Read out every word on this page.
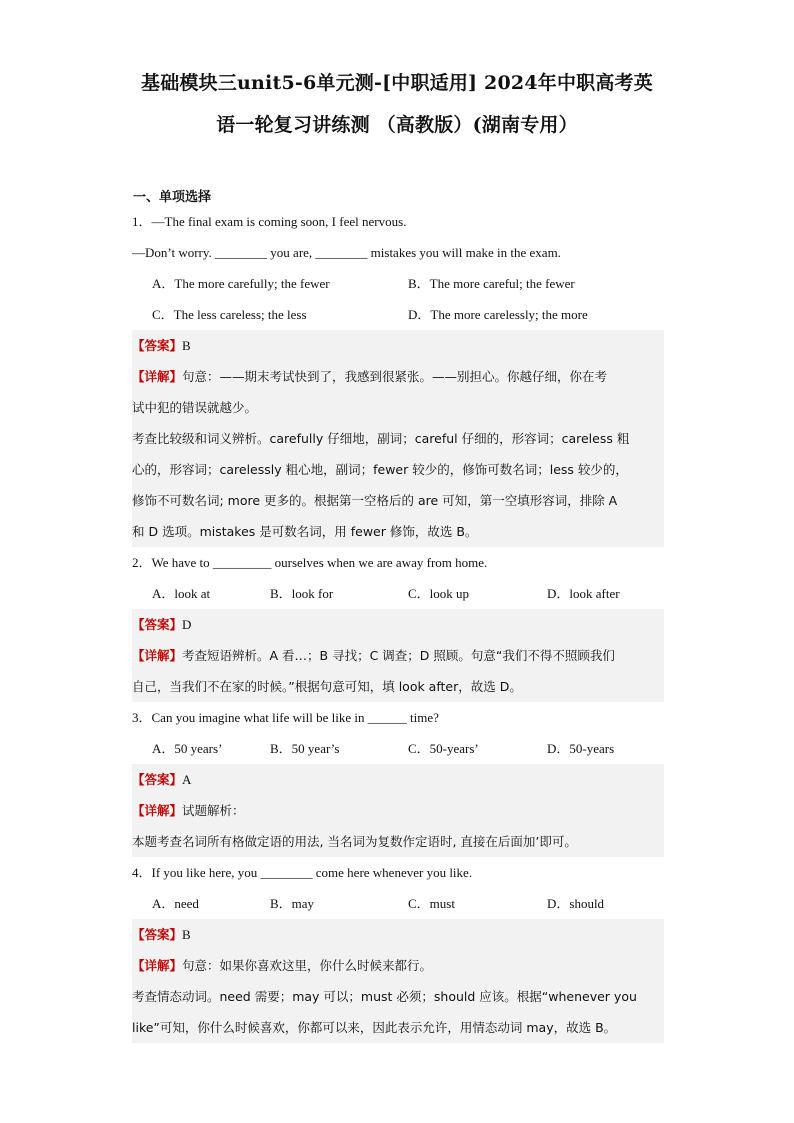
基础模块三unit5-6单元测-[中职适用] 2024年中职高考英
语一轮复习讲练测 （高教版）(湖南专用）
一、单项选择
1．—The final exam is coming soon, I feel nervous.
—Don’t worry. ________ you are, ________ mistakes you will make in the exam.
A．The more carefully; the fewer	B．The more careful; the fewer
C．The less careless; the less	D．The more carelessly; the more
【答案】B
【详解】句意：——期末考试快到了，我感到很紧张。——别担心。你越仔细，你在考
试中犯的错误就越少。
考查比较级和词义辨析。carefully 仔细地，副词；careful 仔细的，形容词；careless 粗
心的，形容词；carelessly 粗心地，副词；fewer 较少的，修饰可数名词；less 较少的，
修饰不可数名词; more 更多的。根据第一空格后的 are 可知，第一空填形容词，排除 A
和 D 选项。mistakes 是可数名词，用 fewer 修饰，故选 B。
2．We have to _________ ourselves when we are away from home.
A．look at	B．look for	C．look up	D．look after
【答案】D
【详解】考查短语辨析。A 看…；B 寻找；C 调查；D 照顾。句意“我们不得不照顾我们
自己，当我们不在家的时候。”根据句意可知，填 look after，故选 D。
3．Can you imagine what life will be like in ______ time?
A．50 years’	B．50 year’s	C．50-years’	D．50-years
【答案】A
【详解】试题解析：
本题考查名词所有格做定语的用法, 当名词为复数作定语时, 直接在后面加’即可。
4．If you like here, you ________ come here whenever you like.
A．need	B．may	C．must	D．should
【答案】B
【详解】句意：如果你喜欢这里，你什么时候来都行。
考查情态动词。need 需要；may 可以；must 必须；should 应该。根据“whenever you
like”可知，你什么时候喜欢，你都可以来，因此表示允许，用情态动词 may，故选 B。
